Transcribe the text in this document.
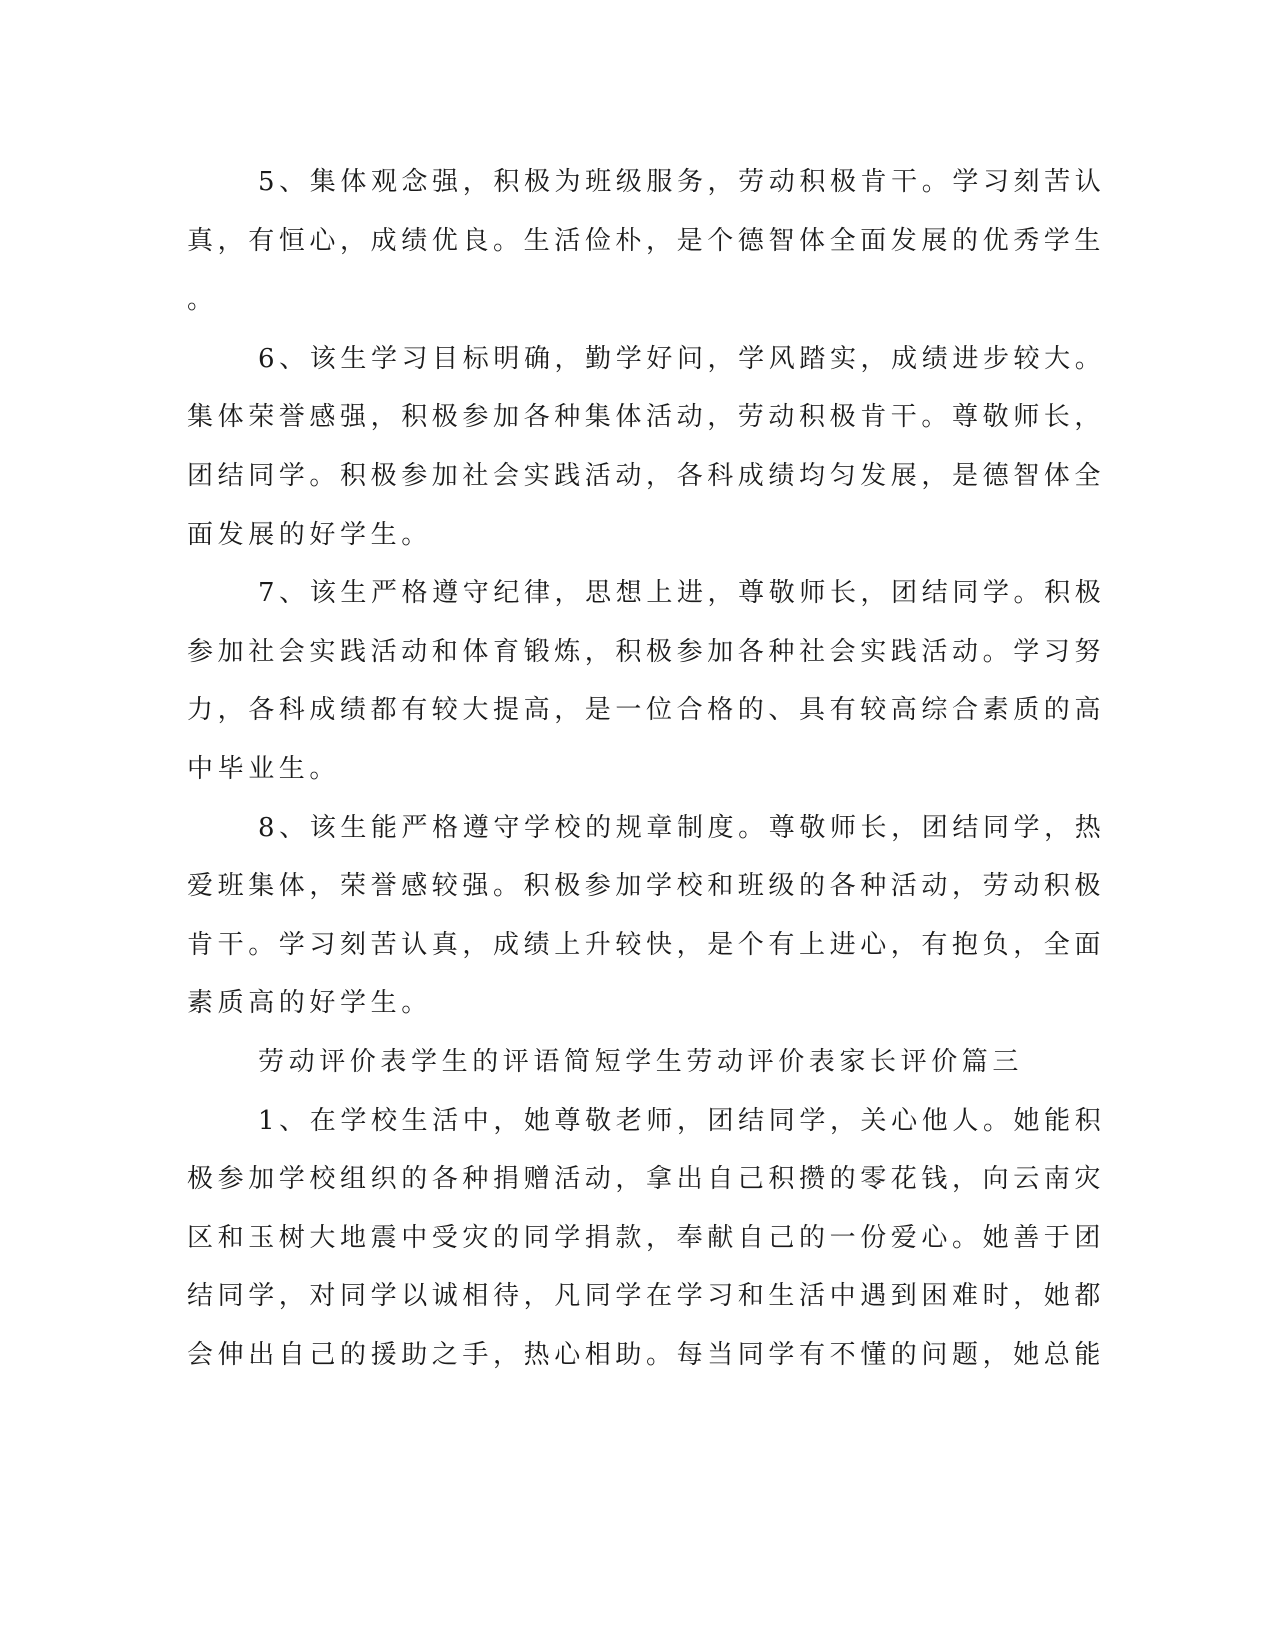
5、集体观念强，积极为班级服务，劳动积极肯干。学习刻苦认
真，有恒心，成绩优良。生活俭朴，是个德智体全面发展的优秀学生
。
6、该生学习目标明确，勤学好问，学风踏实，成绩进步较大。
集体荣誉感强，积极参加各种集体活动，劳动积极肯干。尊敬师长，
团结同学。积极参加社会实践活动，各科成绩均匀发展，是德智体全
面发展的好学生。
7、该生严格遵守纪律，思想上进，尊敬师长，团结同学。积极
参加社会实践活动和体育锻炼，积极参加各种社会实践活动。学习努
力，各科成绩都有较大提高，是一位合格的、具有较高综合素质的高
中毕业生。
8、该生能严格遵守学校的规章制度。尊敬师长，团结同学，热
爱班集体，荣誉感较强。积极参加学校和班级的各种活动，劳动积极
肯干。学习刻苦认真，成绩上升较快，是个有上进心，有抱负，全面
素质高的好学生。
劳动评价表学生的评语简短学生劳动评价表家长评价篇三
1、在学校生活中，她尊敬老师，团结同学，关心他人。她能积
极参加学校组织的各种捐赠活动，拿出自己积攒的零花钱，向云南灾
区和玉树大地震中受灾的同学捐款，奉献自己的一份爱心。她善于团
结同学，对同学以诚相待，凡同学在学习和生活中遇到困难时，她都
会伸出自己的援助之手，热心相助。每当同学有不懂的问题，她总能
